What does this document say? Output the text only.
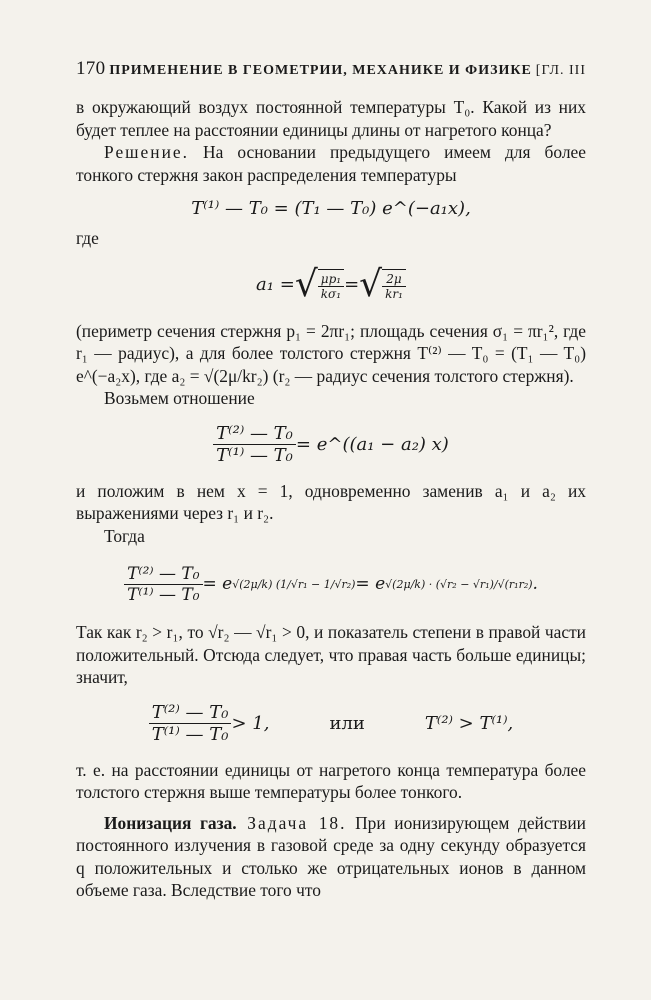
170 ПРИМЕНЕНИЕ В ГЕОМЕТРИИ, МЕХАНИКЕ И ФИЗИКЕ [ГЛ. III

в окружающий воздух постоянной температуры T₀. Какой из них будет теплее на расстоянии единицы длины от нагретого конца?

Решение. На основании предыдущего имеем для более тонкого стержня закон распределения температуры

T⁽¹⁾ — T₀ = (T₁ — T₀) e^(−a₁x),
где
a₁ = √ $\frac{\text{μp₁}}{\text{kσ₁}}$ = √ $\frac{2\mu}{\text{kr₁}}$

(периметр сечения стержня p₁ = 2πr₁; площадь сечения σ₁ = πr₁², где r₁ — радиус), а для более толстого стержня T⁽²⁾ — T₀ = (T₁ — T₀) e^(−a₂x), где a₂ = √(2μ/kr₂) (r₂ — радиус сечения толстого стержня).

Возьмем отношение

$\frac{\text{T⁽²⁾ — T₀}}{\text{T⁽¹⁾ — T₀}}$ = e^((a₁ − a₂) x)

и положим в нем x = 1, одновременно заменив a₁ и a₂ их выражениями через r₁ и r₂.

Тогда

$\frac{\text{T⁽²⁾ — T₀}}{\text{T⁽¹⁾ — T₀}} = e$ √(2μ/k) (1/√r₁ − 1/√r₂) = e √(2μ/k) · (√r₂ − √r₁)/√(r₁r₂) .

Так как r₂ > r₁, то √r₂ — √r₁ > 0, и показатель степени в правой части положительный. Отсюда следует, что правая часть больше единицы; значит,

$\frac{\text{T⁽²⁾ — T₀}}{\text{T⁽¹⁾ — T₀}} > 1$,	или	T⁽²⁾ > T⁽¹⁾,

т. е. на расстоянии единицы от нагретого конца температура более толстого стержня выше температуры более тонкого.

Ионизация газа. Задача 18. При ионизирующем действии постоянного излучения в газовой среде за одну секунду образуется q положительных и столько же отрицательных ионов в данном объеме газа. Вследствие того что
